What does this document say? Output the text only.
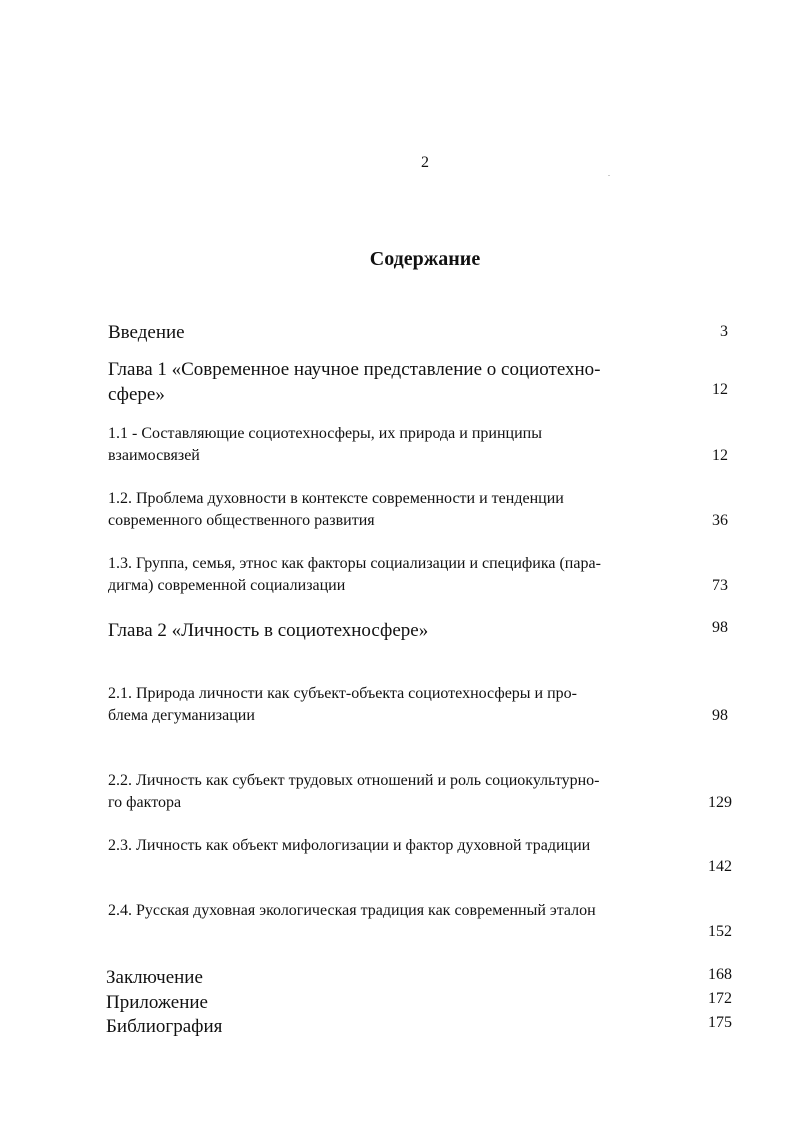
2
Содержание
Введение	3
Глава 1 «Современное научное представление о социотехно-
сфере»	12
1.1 - Составляющие социотехносферы, их природа и принципы
взаимосвязей	12
1.2. Проблема духовности в контексте современности и тенденции
современного общественного развития	36
1.3. Группа, семья, этнос как факторы социализации и специфика (пара-
дигма) современной социализации	73
Глава 2 «Личность в социотехносфере»	98
2.1. Природа личности как субъект-объекта социотехносферы и про-
блема дегуманизации	98
2.2. Личность как субъект трудовых отношений и роль социокультурно-
го фактора	129
2.3. Личность как объект мифологизации и фактор духовной традиции
142
2.4. Русская духовная экологическая традиция как современный эталон
152
Заключение	168
Приложение	172
Библиография	175
